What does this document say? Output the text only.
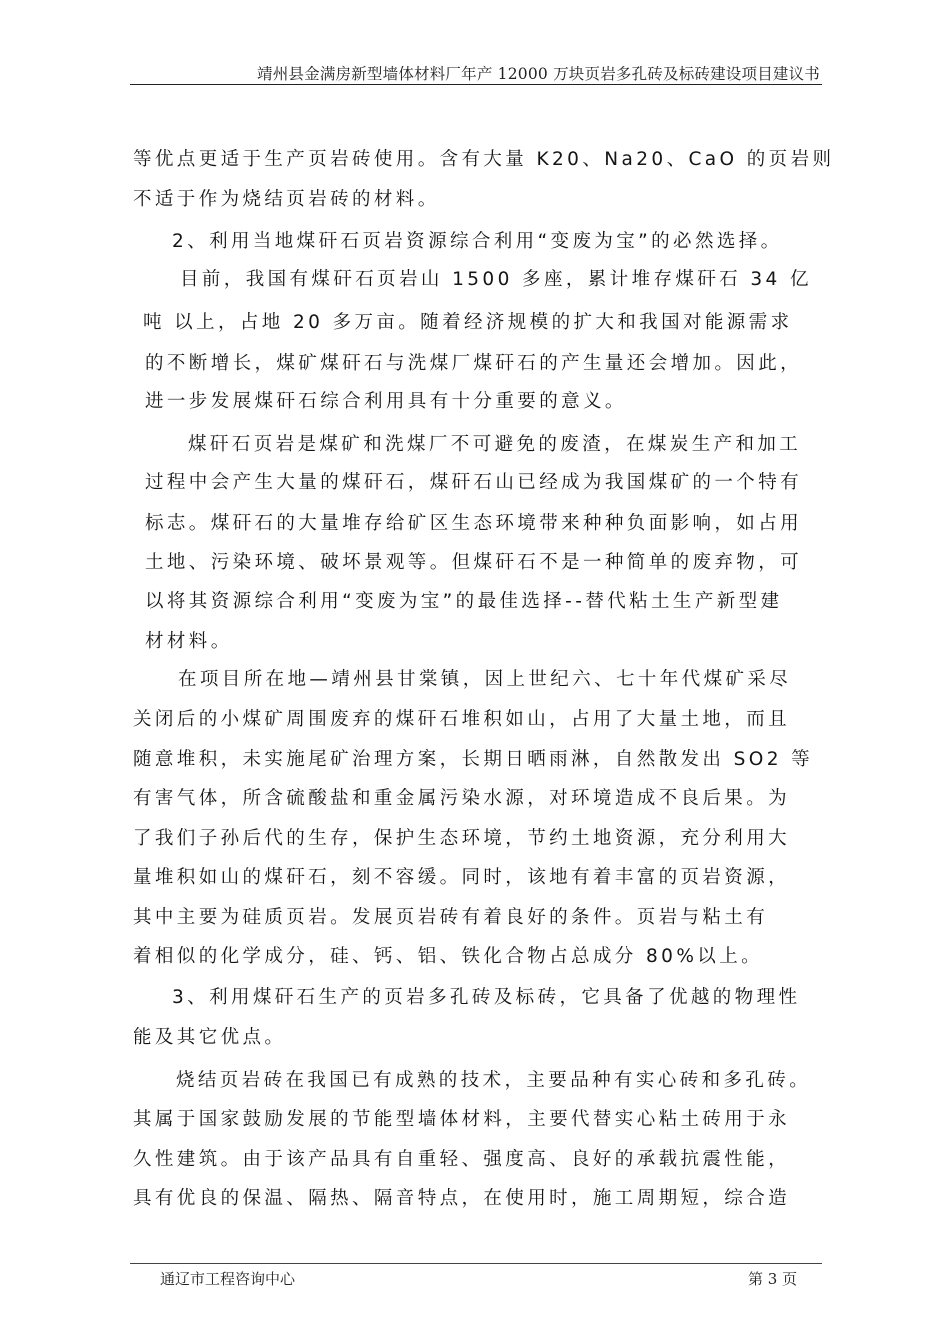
靖州县金满房新型墙体材料厂年产 12000 万块页岩多孔砖及标砖建设项目建议书
等优点更适于生产页岩砖使用。含有大量 K20、Na20、CaO 的页岩则
不适于作为烧结页岩砖的材料。
2、利用当地煤矸石页岩资源综合利用“变废为宝”的必然选择。
目前，我国有煤矸石页岩山 1500 多座，累计堆存煤矸石 34 亿
吨 以上，占地 20 多万亩。随着经济规模的扩大和我国对能源需求
的不断增长，煤矿煤矸石与洗煤厂煤矸石的产生量还会增加。因此，
进一步发展煤矸石综合利用具有十分重要的意义。
煤矸石页岩是煤矿和洗煤厂不可避免的废渣，在煤炭生产和加工
过程中会产生大量的煤矸石，煤矸石山已经成为我国煤矿的一个特有
标志。煤矸石的大量堆存给矿区生态环境带来种种负面影响，如占用
土地、污染环境、破坏景观等。但煤矸石不是一种简单的废弃物，可
以将其资源综合利用“变废为宝”的最佳选择--替代粘土生产新型建
材材料。
在项目所在地—靖州县甘棠镇，因上世纪六、七十年代煤矿采尽
关闭后的小煤矿周围废弃的煤矸石堆积如山，占用了大量土地，而且
随意堆积，未实施尾矿治理方案，长期日晒雨淋，自然散发出 SO2 等
有害气体，所含硫酸盐和重金属污染水源，对环境造成不良后果。为
了我们子孙后代的生存，保护生态环境，节约土地资源，充分利用大
量堆积如山的煤矸石，刻不容缓。同时，该地有着丰富的页岩资源，
其中主要为硅质页岩。发展页岩砖有着良好的条件。页岩与粘土有
着相似的化学成分，硅、钙、铝、铁化合物占总成分 80%以上。
3、利用煤矸石生产的页岩多孔砖及标砖，它具备了优越的物理性
能及其它优点。
烧结页岩砖在我国已有成熟的技术，主要品种有实心砖和多孔砖。
其属于国家鼓励发展的节能型墙体材料，主要代替实心粘土砖用于永
久性建筑。由于该产品具有自重轻、强度高、良好的承载抗震性能，
具有优良的保温、隔热、隔音特点，在使用时，施工周期短，综合造
通辽市工程咨询中心	第 3 页
